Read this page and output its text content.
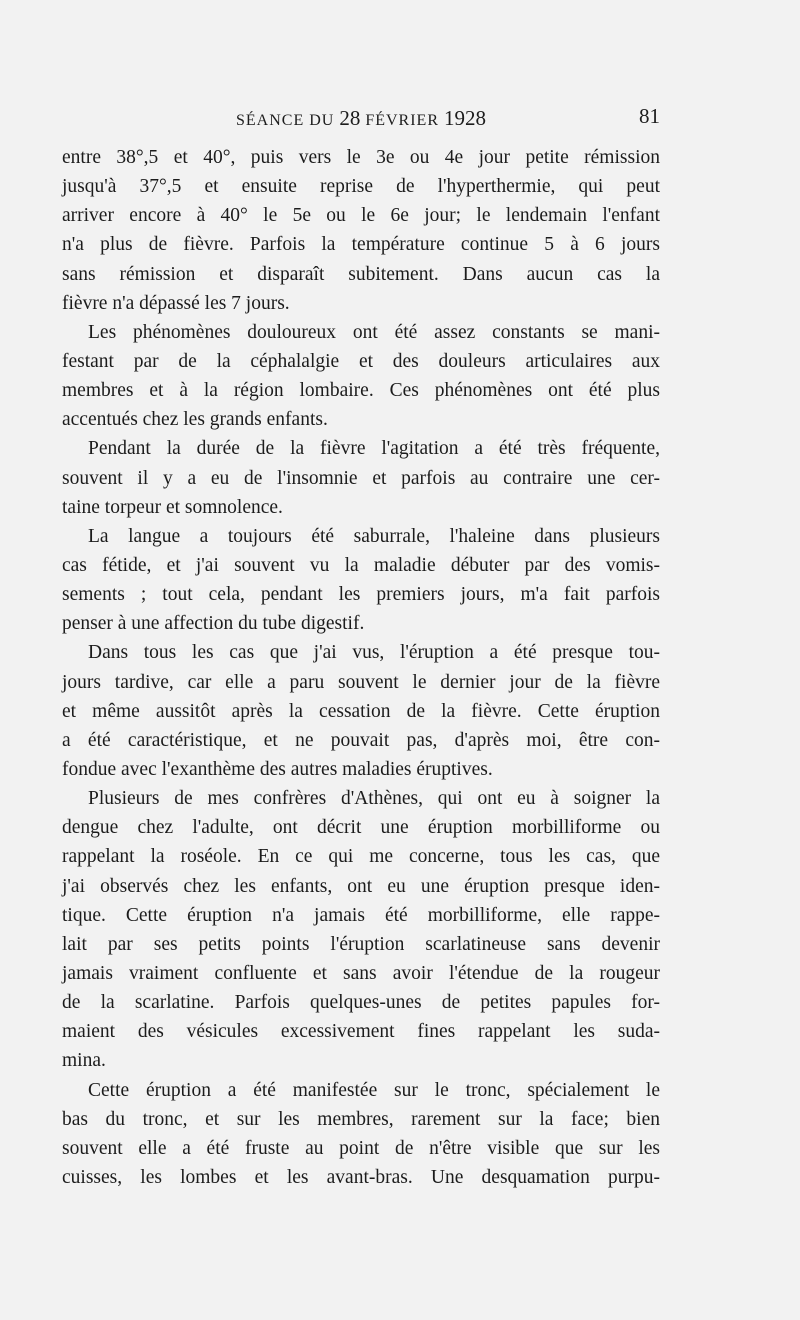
SÉANCE DU 28 FÉVRIER 1928	81
entre 38°,5 et 40°, puis vers le 3e ou 4e jour petite rémission
jusqu'à 37°,5 et ensuite reprise de l'hyperthermie, qui peut
arriver encore à 40° le 5e ou le 6e jour; le lendemain l'enfant
n'a plus de fièvre. Parfois la température continue 5 à 6 jours
sans rémission et disparaît subitement. Dans aucun cas la
fièvre n'a dépassé les 7 jours.
Les phénomènes douloureux ont été assez constants se mani-
festant par de la céphalalgie et des douleurs articulaires aux
membres et à la région lombaire. Ces phénomènes ont été plus
accentués chez les grands enfants.
Pendant la durée de la fièvre l'agitation a été très fréquente,
souvent il y a eu de l'insomnie et parfois au contraire une cer-
taine torpeur et somnolence.
La langue a toujours été saburrale, l'haleine dans plusieurs
cas fétide, et j'ai souvent vu la maladie débuter par des vomis-
sements ; tout cela, pendant les premiers jours, m'a fait parfois
penser à une affection du tube digestif.
Dans tous les cas que j'ai vus, l'éruption a été presque tou-
jours tardive, car elle a paru souvent le dernier jour de la fièvre
et même aussitôt après la cessation de la fièvre. Cette éruption
a été caractéristique, et ne pouvait pas, d'après moi, être con-
fondue avec l'exanthème des autres maladies éruptives.
Plusieurs de mes confrères d'Athènes, qui ont eu à soigner la
dengue chez l'adulte, ont décrit une éruption morbilliforme ou
rappelant la roséole. En ce qui me concerne, tous les cas, que
j'ai observés chez les enfants, ont eu une éruption presque iden-
tique. Cette éruption n'a jamais été morbilliforme, elle rappe-
lait par ses petits points l'éruption scarlatineuse sans devenir
jamais vraiment confluente et sans avoir l'étendue de la rougeur
de la scarlatine. Parfois quelques-unes de petites papules for-
maient des vésicules excessivement fines rappelant les suda-
mina.
Cette éruption a été manifestée sur le tronc, spécialement le
bas du tronc, et sur les membres, rarement sur la face; bien
souvent elle a été fruste au point de n'être visible que sur les
cuisses, les lombes et les avant-bras. Une desquamation purpu-
